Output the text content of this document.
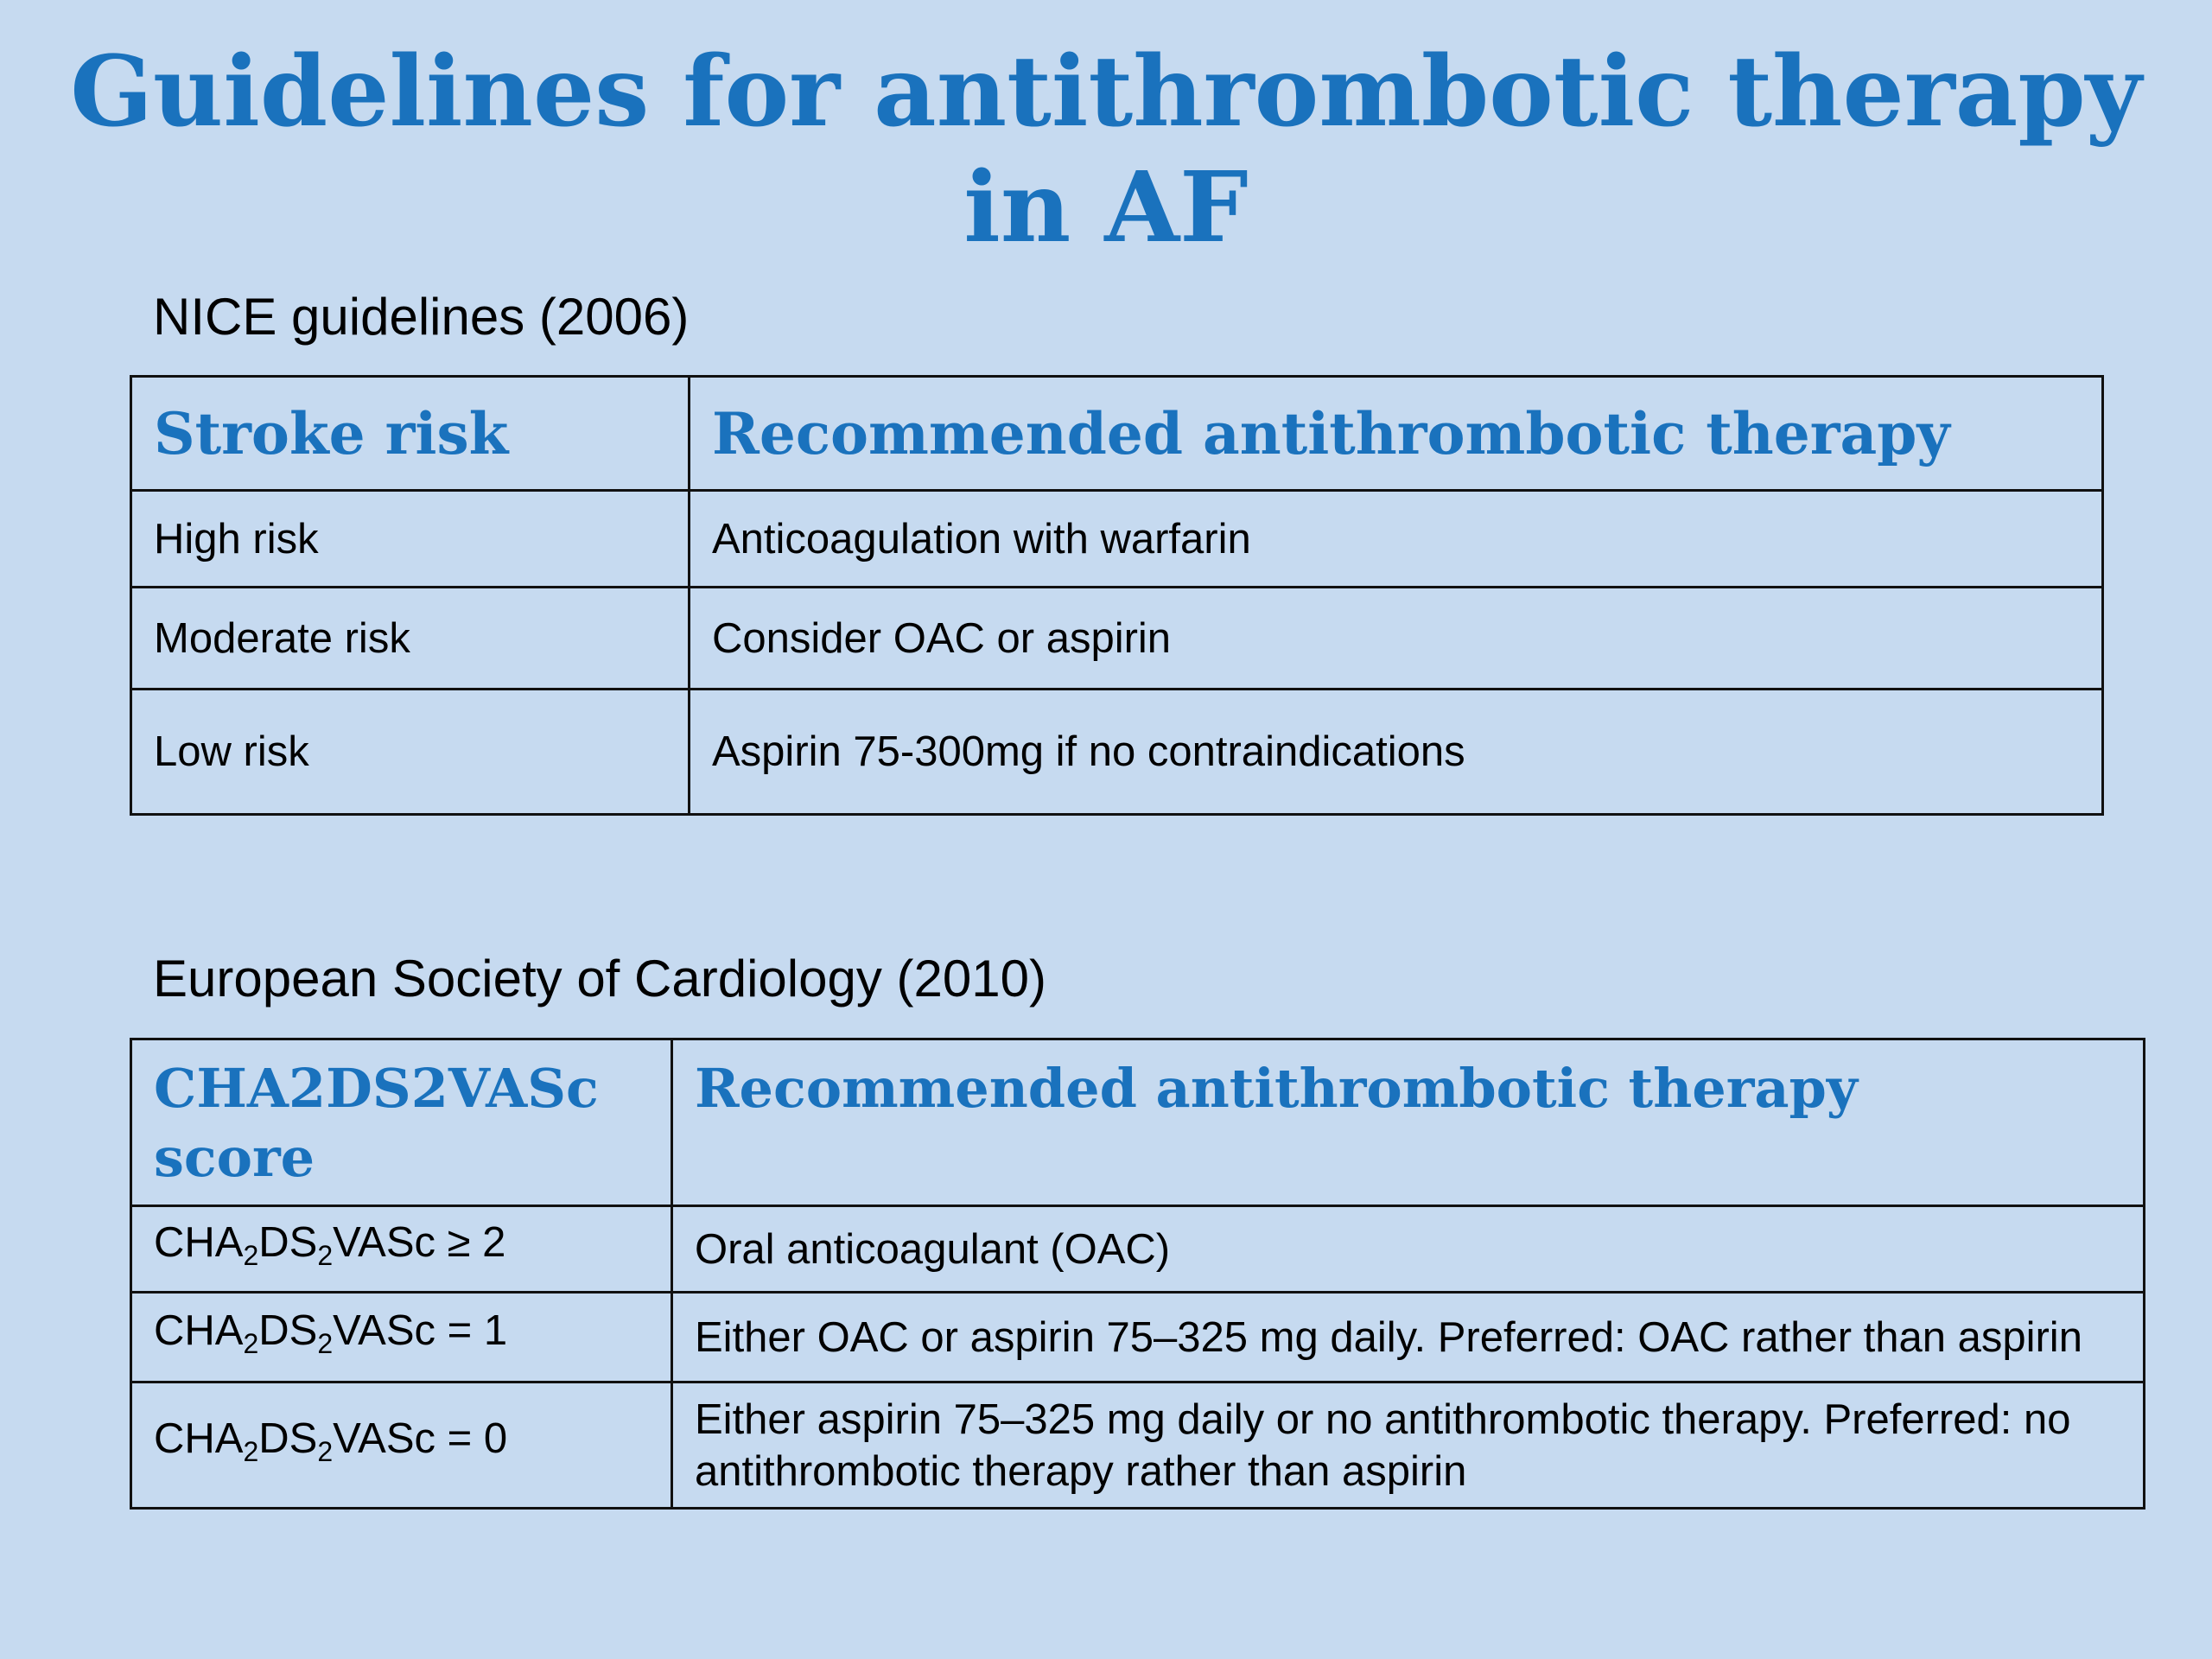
Guidelines for antithrombotic therapy in AF

NICE guidelines (2006)

Stroke risk	Recommended antithrombotic therapy
High risk	Anticoagulation with warfarin
Moderate risk	Consider OAC or aspirin
Low risk	Aspirin 75-300mg if no contraindications

European Society of Cardiology (2010)

CHA2DS2VASc score	Recommended antithrombotic therapy
$CHA_2DS_2VASc \ge 2$	Oral anticoagulant (OAC)
$CHA_2DS_2VASc = 1$	Either OAC or aspirin 75–325 mg daily. Preferred: OAC rather than aspirin
$CHA_2DS_2VASc = 0$	Either aspirin 75–325 mg daily or no antithrombotic therapy. Preferred: no antithrombotic therapy rather than aspirin
